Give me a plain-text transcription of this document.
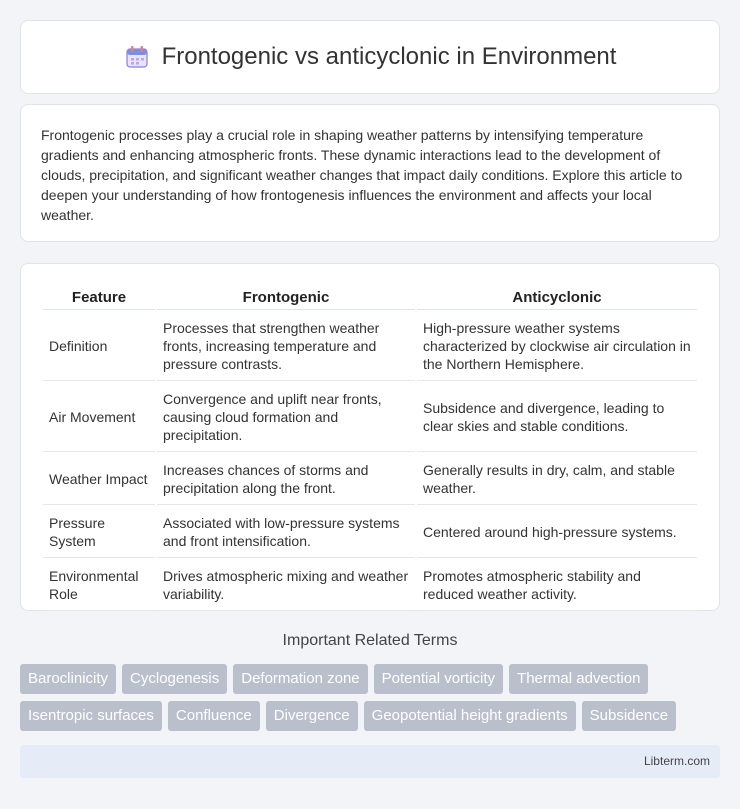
Frontogenic vs anticyclonic in Environment

Frontogenic processes play a crucial role in shaping weather patterns by intensifying temperature gradients and enhancing atmospheric fronts. These dynamic interactions lead to the development of clouds, precipitation, and significant weather changes that impact daily conditions. Explore this article to deepen your understanding of how frontogenesis influences the environment and affects your local weather.

Feature	Frontogenic	Anticyclonic
Definition	Processes that strengthen weather fronts, increasing temperature and pressure contrasts.	High-pressure weather systems characterized by clockwise air circulation in the Northern Hemisphere.
Air Movement	Convergence and uplift near fronts, causing cloud formation and precipitation.	Subsidence and divergence, leading to clear skies and stable conditions.
Weather Impact	Increases chances of storms and precipitation along the front.	Generally results in dry, calm, and stable weather.
Pressure System	Associated with low-pressure systems and front intensification.	Centered around high-pressure systems.
Environmental Role	Drives atmospheric mixing and weather variability.	Promotes atmospheric stability and reduced weather activity.
Important Related Terms
Baroclinicity	Cyclogenesis	Deformation zone	Potential vorticity	Thermal advection
Isentropic surfaces	Confluence	Divergence	Geopotential height gradients	Subsidence
Libterm.com
